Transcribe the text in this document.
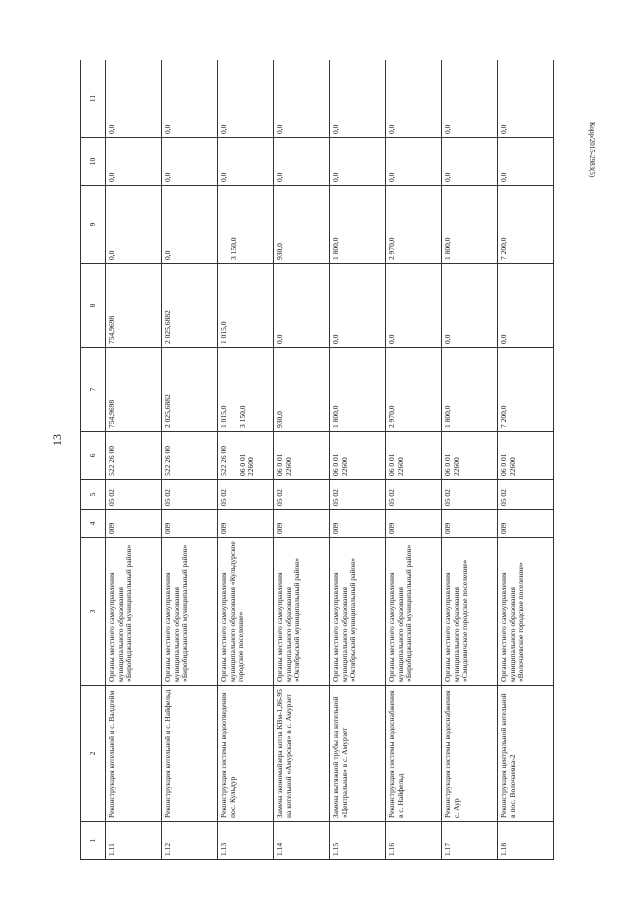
13
Корр/2015-2983(5)
1	2	3	4	5	6	7	8	9	10	11

1.11	Реконструкция котельной в с. Валдгейм	Органы местного самоуправления муниципального образования «Биробиджанский муниципальный район»	009	05 02	522 26 00	754,9698	754,9698	0,0	0,0	0,0

1.12	Реконструкция котельной в с. Найфельд	Органы местного самоуправления муниципального образования «Биробиджанский муниципальный район»	009	05 02	522 26 00	2 025,6882	2 025,6882	0,0	0,0	0,0

1.13	Реконструкция системы водоотведения пос. Кульдур	Органы местного самоуправления муниципального образования «Кульдурское городское поселение»	009	05 02	522 26 00 06 0 01 22600	1 015,0 3 150,0	1 015,0	3 150,0	0,0	0,0

1.14	Замена экономайзера котла КВм-1,86-95 на котельной «Амурская» в с. Амурзет	Органы местного самоуправления муниципального образования «Октябрьский муниципальный район»	009	05 02	06 0 01 22600	930,0	0,0	930,0	0,0	0,0

1.15	Замена вытяжной трубы на котельной «Центральная» в с. Амурзет	Органы местного самоуправления муниципального образования «Октябрьский муниципальный район»	009	05 02	06 0 01 22600	1 800,0	0,0	1 800,0	0,0	0,0

1.16	Реконструкция системы водоснабжения в с. Найфельд	Органы местного самоуправления муниципального образования «Биробиджанский муниципальный район»	009	05 02	06 0 01 22600	2 970,0	0,0	2 970,0	0,0	0,0

1.17	Реконструкция системы водоснабжения с. Аур	Органы местного самоуправления муниципального образования «Смидовичское городское поселение»	009	05 02	06 0 01 22600	1 800,0	0,0	1 800,0	0,0	0,0

1.18	Реконструкция центральной котельной в пос. Волочаевка-2	Органы местного самоуправления муниципального образования «Волочаевское городское поселение»	009	05 02	06 0 01 22600	7 200,0	0,0	7 200,0	0,0	0,0
